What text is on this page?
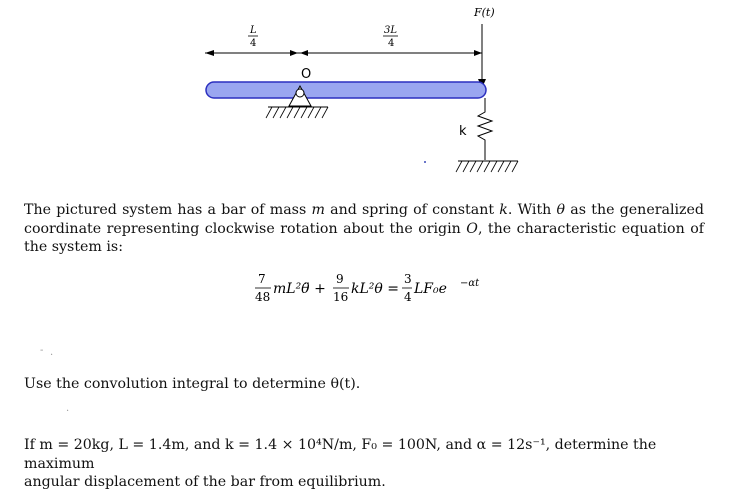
L
4
3L
4
F(t)
O
k

The pictured system has a bar of mass m and spring of constant k. With θ as the generalized coordinate representing clockwise rotation about the origin O, the characteristic equation of the system is:

7
48 mL²θ̈ +
9
16 kL²θ =
3
4 LF₀e −αt
- .

Use the convolution integral to determine θ(t).

.

If m = 20kg, L = 1.4m, and k = 1.4 × 10⁴N/m, F₀ = 100N, and α = 12s⁻¹, determine the maximum
angular displacement of the bar from equilibrium.
